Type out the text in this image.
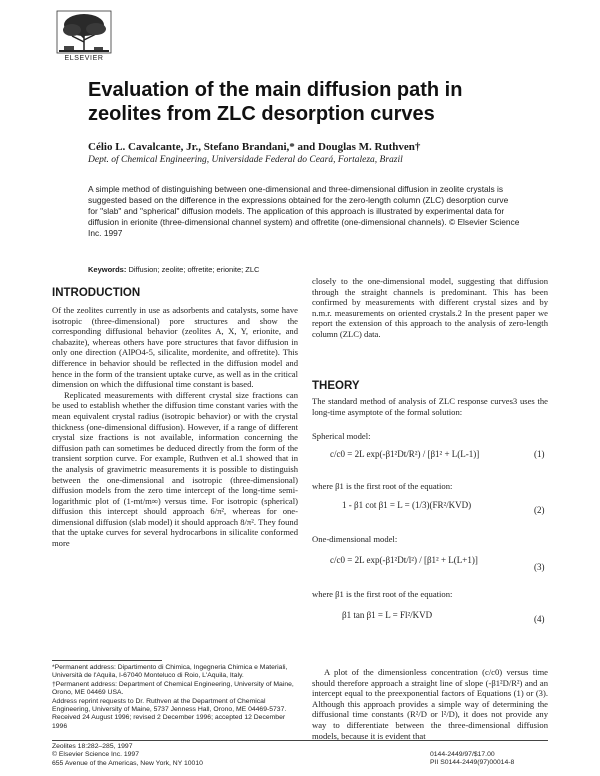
ELSEVIER
Evaluation of the main diffusion path in zeolites from ZLC desorption curves
Célio L. Cavalcante, Jr., Stefano Brandani,* and Douglas M. Ruthven†
Dept. of Chemical Engineering, Universidade Federal do Ceará, Fortaleza, Brazil
A simple method of distinguishing between one-dimensional and three-dimensional diffusion in zeolite crystals is suggested based on the difference in the expressions obtained for the zero-length column (ZLC) desorption curve for "slab" and "spherical" diffusion models. The application of this approach is illustrated by experimental data for diffusion in erionite (three-dimensional channel system) and offretite (one-dimensional channels). © Elsevier Science Inc. 1997
Keywords: Diffusion; zeolite; offretite; erionite; ZLC
INTRODUCTION

Of the zeolites currently in use as adsorbents and catalysts, some have isotropic (three-dimensional) pore structures and show the corresponding diffusional behavior (zeolites A, X, Y, erionite, and chabazite), whereas others have pore structures that favor diffusion in only one direction (AlPO4-5, silicalite, mordenite, and offretite). This difference in behavior should be reflected in the diffusion model and hence in the form of the transient uptake curve, as well as in the critical dimension on which the diffusional time constant is based.

Replicated measurements with different crystal size fractions can be used to establish whether the diffusion time constant varies with the mean equivalent crystal radius (isotropic behavior) or with the crystal thickness (one-dimensional diffusion). However, if a range of different crystal size fractions is not available, information concerning the diffusion path can sometimes be deduced directly from the form of the transient sorption curve. For example, Ruthven et al.1 showed that in the analysis of gravimetric measurements it is possible to distinguish between the one-dimensional and isotropic (three-dimensional) diffusion models from the zero time intercept of the long-time semi-logarithmic plot of (1-mt/m∞) versus time. For isotropic (spherical) diffusion this intercept should approach 6/π², whereas for one-dimensional diffusion (slab model) it should approach 8/π². They found that the uptake curves for several hydrocarbons in silicalite conformed more

closely to the one-dimensional model, suggesting that diffusion through the straight channels is predominant. This has been confirmed by measurements with different crystal sizes and by n.m.r. measurements on oriented crystals.2 In the present paper we report the extension of this approach to the analysis of zero-length column (ZLC) data.
THEORY
The standard method of analysis of ZLC response curves3 uses the long-time asymptote of the formal solution:
Spherical model:
c/c0 = 2L exp(-β1²Dt/R²) / [β1² + L(L-1)]	(1)
where β1 is the first root of the equation:
1 - β1 cot β1 = L = (1/3)(FR²/KVD)	(2)
One-dimensional model:
c/c0 = 2L exp(-β1²Dt/l²) / [β1² + L(L+1)]
(3)
where β1 is the first root of the equation:
β1 tan β1 = L = Fl²/KVD	(4)
A plot of the dimensionless concentration (c/c0) versus time should therefore approach a straight line of slope (-β1²D/R²) and an intercept equal to the preexponential factors of Equations (1) or (3). Although this approach provides a simple way of determining the diffusional time constants (R²/D or l²/D), it does not provide any way to differentiate between the three-dimensional diffusion models, because it is evident that

*Permanent address: Dipartimento di Chimica, Ingegneria Chimica e Materiali, Università de l'Aquila, I-67040 Monteluco di Roio, L'Aquila, Italy.

†Permanent address: Department of Chemical Engineering, University of Maine, Orono, ME 04469 USA.

Address reprint requests to Dr. Ruthven at the Department of Chemical Engineering, University of Maine, 5737 Jenness Hall, Orono, ME 04469-5737.

Received 24 August 1996; revised 2 December 1996; accepted 12 December 1996

Zeolites 18:282–285, 1997
© Elsevier Science Inc. 1997
655 Avenue of the Americas, New York, NY 10010
0144-2449/97/$17.00
PII S0144-2449(97)00014-8
